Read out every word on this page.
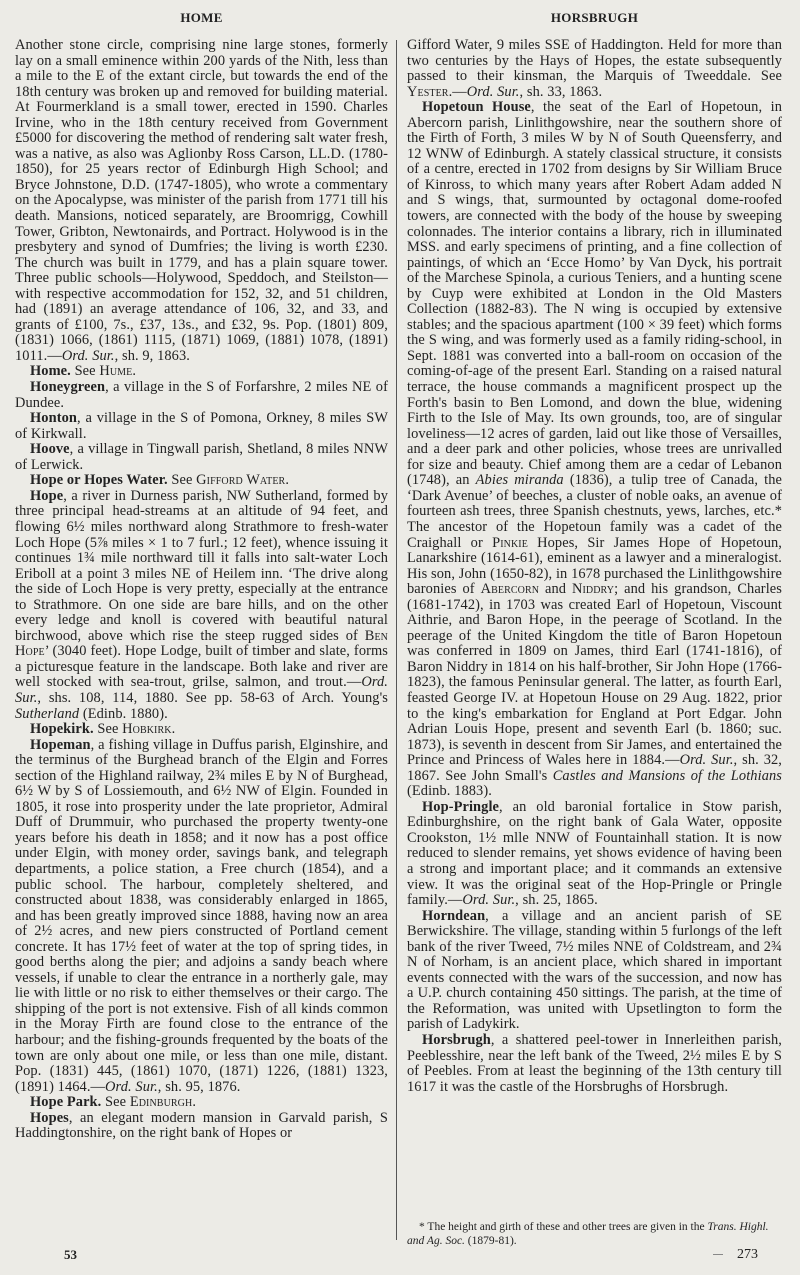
HOME	HORSBRUGH

Another stone circle, comprising nine large stones, formerly lay on a small eminence within 200 yards of the Nith, less than a mile to the E of the extant circle, but towards the end of the 18th century was broken up and removed for building material. At Fourmerkland is a small tower, erected in 1590. Charles Irvine, who in the 18th century received from Government £5000 for discovering the method of rendering salt water fresh, was a native, as also was Aglionby Ross Carson, LL.D. (1780-1850), for 25 years rector of Edinburgh High School; and Bryce Johnstone, D.D. (1747-1805), who wrote a commentary on the Apocalypse, was minister of the parish from 1771 till his death. Mansions, noticed separately, are Broomrigg, Cowhill Tower, Gribton, Newtonairds, and Portract. Holywood is in the presbytery and synod of Dumfries; the living is worth £230. The church was built in 1779, and has a plain square tower. Three public schools—Holywood, Speddoch, and Steilston—with respective accommodation for 152, 32, and 51 children, had (1891) an average attendance of 106, 32, and 33, and grants of £100, 7s., £37, 13s., and £32, 9s. Pop. (1801) 809, (1831) 1066, (1861) 1115, (1871) 1069, (1881) 1078, (1891) 1011.—Ord. Sur., sh. 9, 1863.

Home. See Hume.

Honeygreen, a village in the S of Forfarshre, 2 miles NE of Dundee.

Honton, a village in the S of Pomona, Orkney, 8 miles SW of Kirkwall.

Hoove, a village in Tingwall parish, Shetland, 8 miles NNW of Lerwick.

Hope or Hopes Water. See Gifford Water.

Hope, a river in Durness parish, NW Sutherland, formed by three principal head-streams at an altitude of 94 feet, and flowing 6½ miles northward along Strathmore to fresh-water Loch Hope (5⅞ miles × 1 to 7 furl.; 12 feet), whence issuing it continues 1¾ mile northward till it falls into salt-water Loch Eriboll at a point 3 miles NE of Heilem inn. ‘The drive along the side of Loch Hope is very pretty, especially at the entrance to Strathmore. On one side are bare hills, and on the other every ledge and knoll is covered with beautiful natural birchwood, above which rise the steep rugged sides of Ben Hope’ (3040 feet). Hope Lodge, built of timber and slate, forms a picturesque feature in the landscape. Both lake and river are well stocked with sea-trout, grilse, salmon, and trout.—Ord. Sur., shs. 108, 114, 1880. See pp. 58-63 of Arch. Young's Sutherland (Edinb. 1880).

Hopekirk. See Hobkirk.

Hopeman, a fishing village in Duffus parish, Elginshire, and the terminus of the Burghead branch of the Elgin and Forres section of the Highland railway, 2¾ miles E by N of Burghead, 6½ W by S of Lossiemouth, and 6½ NW of Elgin. Founded in 1805, it rose into prosperity under the late proprietor, Admiral Duff of Drummuir, who purchased the property twenty-one years before his death in 1858; and it now has a post office under Elgin, with money order, savings bank, and telegraph departments, a police station, a Free church (1854), and a public school. The harbour, completely sheltered, and constructed about 1838, was considerably enlarged in 1865, and has been greatly improved since 1888, having now an area of 2½ acres, and new piers constructed of Portland cement concrete. It has 17½ feet of water at the top of spring tides, in good berths along the pier; and adjoins a sandy beach where vessels, if unable to clear the entrance in a northerly gale, may lie with little or no risk to either themselves or their cargo. The shipping of the port is not extensive. Fish of all kinds common in the Moray Firth are found close to the entrance of the harbour; and the fishing-grounds frequented by the boats of the town are only about one mile, or less than one mile, distant. Pop. (1831) 445, (1861) 1070, (1871) 1226, (1881) 1323, (1891) 1464.—Ord. Sur., sh. 95, 1876.

Hope Park. See Edinburgh.

Hopes, an elegant modern mansion in Garvald parish, S Haddingtonshire, on the right bank of Hopes or

Gifford Water, 9 miles SSE of Haddington. Held for more than two centuries by the Hays of Hopes, the estate subsequently passed to their kinsman, the Marquis of Tweeddale. See Yester.—Ord. Sur., sh. 33, 1863.

Hopetoun House, the seat of the Earl of Hopetoun, in Abercorn parish, Linlithgowshire, near the southern shore of the Firth of Forth, 3 miles W by N of South Queensferry, and 12 WNW of Edinburgh. A stately classical structure, it consists of a centre, erected in 1702 from designs by Sir William Bruce of Kinross, to which many years after Robert Adam added N and S wings, that, surmounted by octagonal dome-roofed towers, are connected with the body of the house by sweeping colonnades. The interior contains a library, rich in illuminated MSS. and early specimens of printing, and a fine collection of paintings, of which an ‘Ecce Homo’ by Van Dyck, his portrait of the Marchese Spinola, a curious Teniers, and a hunting scene by Cuyp were exhibited at London in the Old Masters Collection (1882-83). The N wing is occupied by extensive stables; and the spacious apartment (100 × 39 feet) which forms the S wing, and was formerly used as a family riding-school, in Sept. 1881 was converted into a ball-room on occasion of the coming-of-age of the present Earl. Standing on a raised natural terrace, the house commands a magnificent prospect up the Forth's basin to Ben Lomond, and down the blue, widening Firth to the Isle of May. Its own grounds, too, are of singular loveliness—12 acres of garden, laid out like those of Versailles, and a deer park and other policies, whose trees are unrivalled for size and beauty. Chief among them are a cedar of Lebanon (1748), an Abies miranda (1836), a tulip tree of Canada, the ‘Dark Avenue’ of beeches, a cluster of noble oaks, an avenue of fourteen ash trees, three Spanish chestnuts, yews, larches, etc.* The ancestor of the Hopetoun family was a cadet of the Craighall or Pinkie Hopes, Sir James Hope of Hopetoun, Lanarkshire (1614-61), eminent as a lawyer and a mineralogist. His son, John (1650-82), in 1678 purchased the Linlithgowshire baronies of Abercorn and Niddry; and his grandson, Charles (1681-1742), in 1703 was created Earl of Hopetoun, Viscount Aithrie, and Baron Hope, in the peerage of Scotland. In the peerage of the United Kingdom the title of Baron Hopetoun was conferred in 1809 on James, third Earl (1741-1816), of Baron Niddry in 1814 on his half-brother, Sir John Hope (1766-1823), the famous Peninsular general. The latter, as fourth Earl, feasted George IV. at Hopetoun House on 29 Aug. 1822, prior to the king's embarkation for England at Port Edgar. John Adrian Louis Hope, present and seventh Earl (b. 1860; suc. 1873), is seventh in descent from Sir James, and entertained the Prince and Princess of Wales here in 1884.—Ord. Sur., sh. 32, 1867. See John Small's Castles and Mansions of the Lothians (Edinb. 1883).

Hop-Pringle, an old baronial fortalice in Stow parish, Edinburghshire, on the right bank of Gala Water, opposite Crookston, 1½ mlle NNW of Fountainhall station. It is now reduced to slender remains, yet shows evidence of having been a strong and important place; and it commands an extensive view. It was the original seat of the Hop-Pringle or Pringle family.—Ord. Sur., sh. 25, 1865.

Horndean, a village and an ancient parish of SE Berwickshire. The village, standing within 5 furlongs of the left bank of the river Tweed, 7½ miles NNE of Coldstream, and 2¾ N of Norham, is an ancient place, which shared in important events connected with the wars of the succession, and now has a U.P. church containing 450 sittings. The parish, at the time of the Reformation, was united with Upsetlington to form the parish of Ladykirk.

Horsbrugh, a shattered peel-tower in Innerleithen parish, Peeblesshire, near the left bank of the Tweed, 2½ miles E by S of Peebles. From at least the beginning of the 13th century till 1617 it was the castle of the Horsbrughs of Horsbrugh.

* The height and girth of these and other trees are given in the Trans. Highl. and Ag. Soc. (1879-81).
53	273
